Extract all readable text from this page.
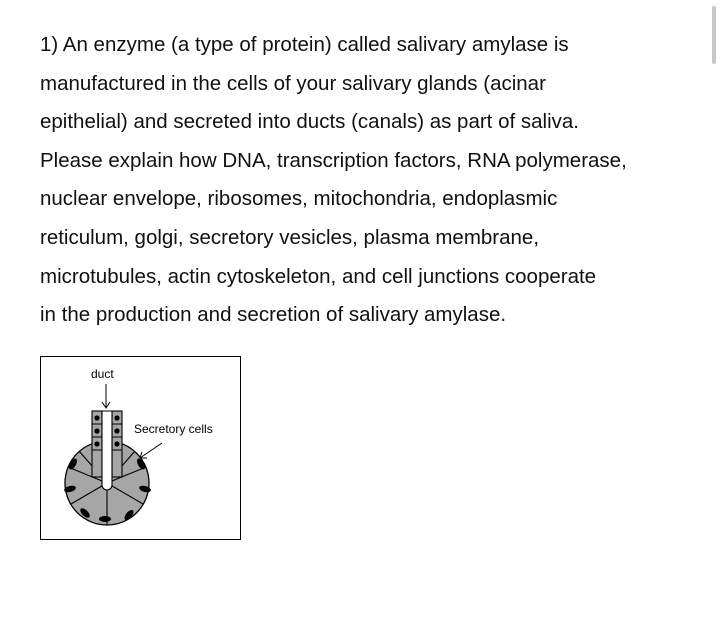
1) An enzyme (a type of protein) called salivary amylase is
manufactured in the cells of your salivary glands (acinar
epithelial) and secreted into ducts (canals) as part of saliva.
Please explain how DNA, transcription factors, RNA polymerase,
nuclear envelope, ribosomes, mitochondria, endoplasmic
reticulum, golgi, secretory vesicles, plasma membrane,
microtubules, actin cytoskeleton, and cell junctions cooperate
in the production and secretion of salivary amylase.
duct
Secretory cells
